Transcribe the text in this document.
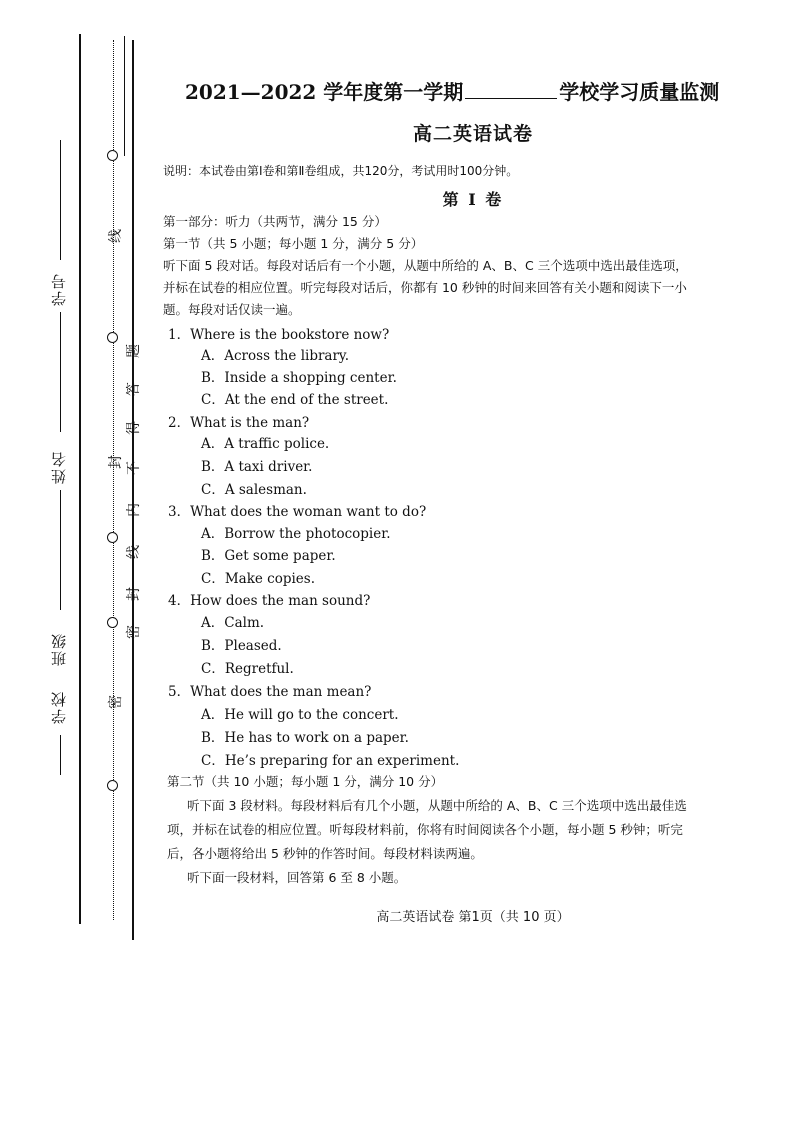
学号
姓名
班级
学校
线
封
密
题
答
得
不
内
线
封
密
2021—2022 学年度第一学期	学校学习质量监测
高二英语试卷
说明：本试卷由第Ⅰ卷和第Ⅱ卷组成，共120分，考试用时100分钟。
第 Ⅰ 卷
第一部分：听力（共两节，满分 15 分）
第一节（共 5 小题；每小题 1 分，满分 5 分）
听下面 5 段对话。每段对话后有一个小题，从题中所给的 A、B、C 三个选项中选出最佳选项，
并标在试卷的相应位置。听完每段对话后，你都有 10 秒钟的时间来回答有关小题和阅读下一小
题。每段对话仅读一遍。
1．Where is the bookstore now?
A．Across the library.
B．Inside a shopping center.
C．At the end of the street.
2．What is the man?
A．A traffic police.
B．A taxi driver.
C．A salesman.
3．What does the woman want to do?
A．Borrow the photocopier.
B．Get some paper.
C．Make copies.
4．How does the man sound?
A．Calm.
B．Pleased.
C．Regretful.
5．What does the man mean?
A．He will go to the concert.
B．He has to work on a paper.
C．He’s preparing for an experiment.
第二节（共 10 小题；每小题 1 分，满分 10 分）
听下面 3 段材料。每段材料后有几个小题，从题中所给的 A、B、C 三个选项中选出最佳选
项，并标在试卷的相应位置。听每段材料前，你将有时间阅读各个小题，每小题 5 秒钟；听完
后，各小题将给出 5 秒钟的作答时间。每段材料读两遍。
听下面一段材料，回答第 6 至 8 小题。
高二英语试卷 第1页（共 10 页）
